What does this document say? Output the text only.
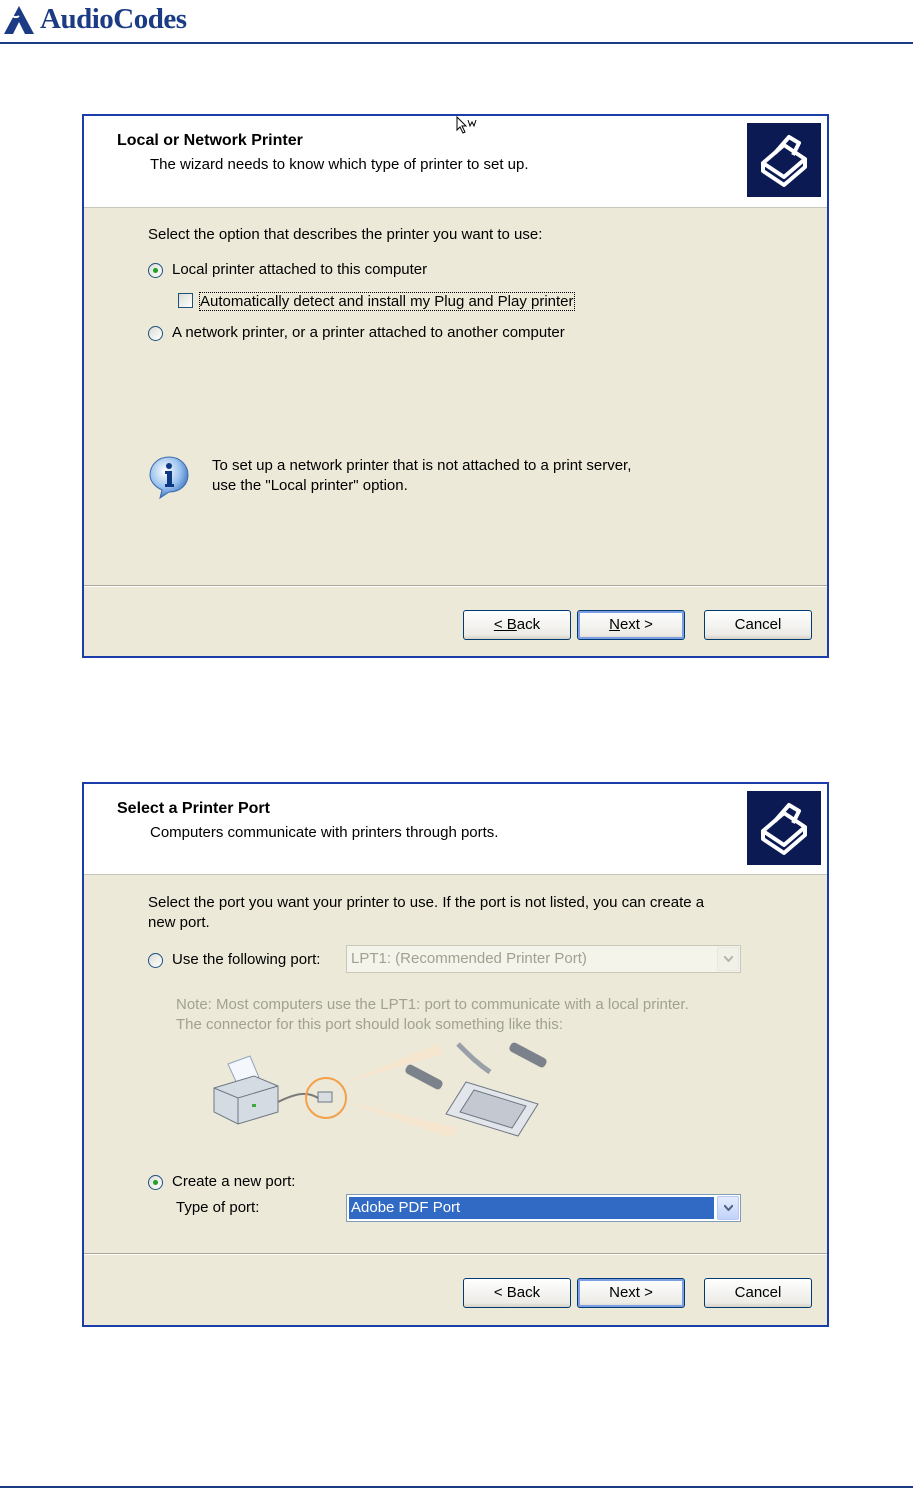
AudioCodes
Local or Network Printer
The wizard needs to know which type of printer to set up.
Select the option that describes the printer you want to use:
Local printer attached to this computer
Automatically detect and install my Plug and Play printer
A network printer, or a printer attached to another computer
To set up a network printer that is not attached to a print server,
use the "Local printer" option.
< Back	Next >	Cancel
Select a Printer Port
Computers communicate with printers through ports.
Select the port you want your printer to use. If the port is not listed, you can create a
new port.
Use the following port: LPT1: (Recommended Printer Port)
Note: Most computers use the LPT1: port to communicate with a local printer.
The connector for this port should look something like this:
Create a new port:
Type of port:	Adobe PDF Port
< Back	Next >	Cancel
